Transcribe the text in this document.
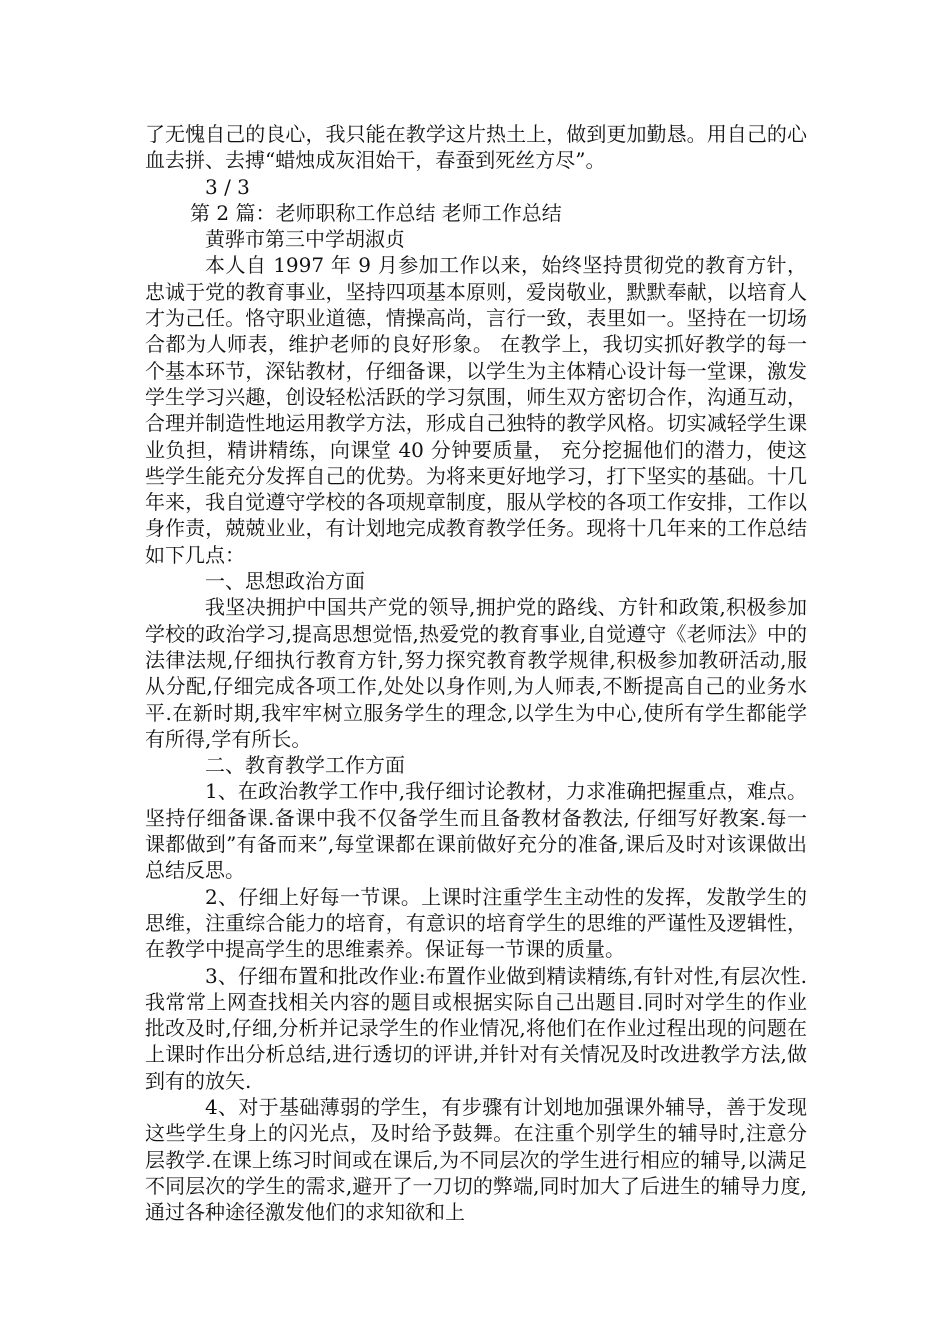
了无愧自己的良心，我只能在教学这片热土上，做到更加勤恳。用自己的心血去拼、去搏“蜡烛成灰泪始干，春蚕到死丝方尽”。

3 / 3

第 2 篇：老师职称工作总结 老师工作总结

黄骅市第三中学胡淑贞

本人自 1997 年 9 月参加工作以来，始终坚持贯彻党的教育方针，忠诚于党的教育事业，坚持四项基本原则，爱岗敬业，默默奉献，以培育人才为己任。恪守职业道德，情操高尚，言行一致，表里如一。坚持在一切场合都为人师表，维护老师的良好形象。 在教学上，我切实抓好教学的每一个基本环节，深钻教材，仔细备课，以学生为主体精心设计每一堂课，激发学生学习兴趣，创设轻松活跃的学习氛围，师生双方密切合作，沟通互动，合理并制造性地运用教学方法，形成自己独特的教学风格。切实减轻学生课业负担，精讲精练，向课堂 40 分钟要质量， 充分挖掘他们的潜力，使这些学生能充分发挥自己的优势。为将来更好地学习，打下坚实的基础。十几年来，我自觉遵守学校的各项规章制度，服从学校的各项工作安排，工作以身作责，兢兢业业，有计划地完成教育教学任务。现将十几年来的工作总结如下几点：

一、思想政治方面

我坚决拥护中国共产党的领导,拥护党的路线、方针和政策,积极参加学校的政治学习,提高思想觉悟,热爱党的教育事业,自觉遵守《老师法》中的法律法规,仔细执行教育方针,努力探究教育教学规律,积极参加教研活动,服从分配,仔细完成各项工作,处处以身作则,为人师表,不断提高自己的业务水平.在新时期,我牢牢树立服务学生的理念,以学生为中心,使所有学生都能学有所得,学有所长。

二、教育教学工作方面

1、在政治教学工作中,我仔细讨论教材，力求准确把握重点，难点。坚持仔细备课.备课中我不仅备学生而且备教材备教法, 仔细写好教案.每一课都做到”有备而来”,每堂课都在课前做好充分的准备,课后及时对该课做出总结反思。

2、仔细上好每一节课。上课时注重学生主动性的发挥，发散学生的思维，注重综合能力的培育，有意识的培育学生的思维的严谨性及逻辑性，在教学中提高学生的思维素养。保证每一节课的质量。

3、仔细布置和批改作业:布置作业做到精读精练,有针对性,有层次性.我常常上网查找相关内容的题目或根据实际自己出题目.同时对学生的作业批改及时,仔细,分析并记录学生的作业情况,将他们在作业过程出现的问题在上课时作出分析总结,进行透切的评讲,并针对有关情况及时改进教学方法,做到有的放矢.

4、对于基础薄弱的学生，有步骤有计划地加强课外辅导，善于发现这些学生身上的闪光点，及时给予鼓舞。在注重个别学生的辅导时,注意分层教学.在课上练习时间或在课后,为不同层次的学生进行相应的辅导,以满足不同层次的学生的需求,避开了一刀切的弊端,同时加大了后进生的辅导力度,通过各种途径激发他们的求知欲和上
